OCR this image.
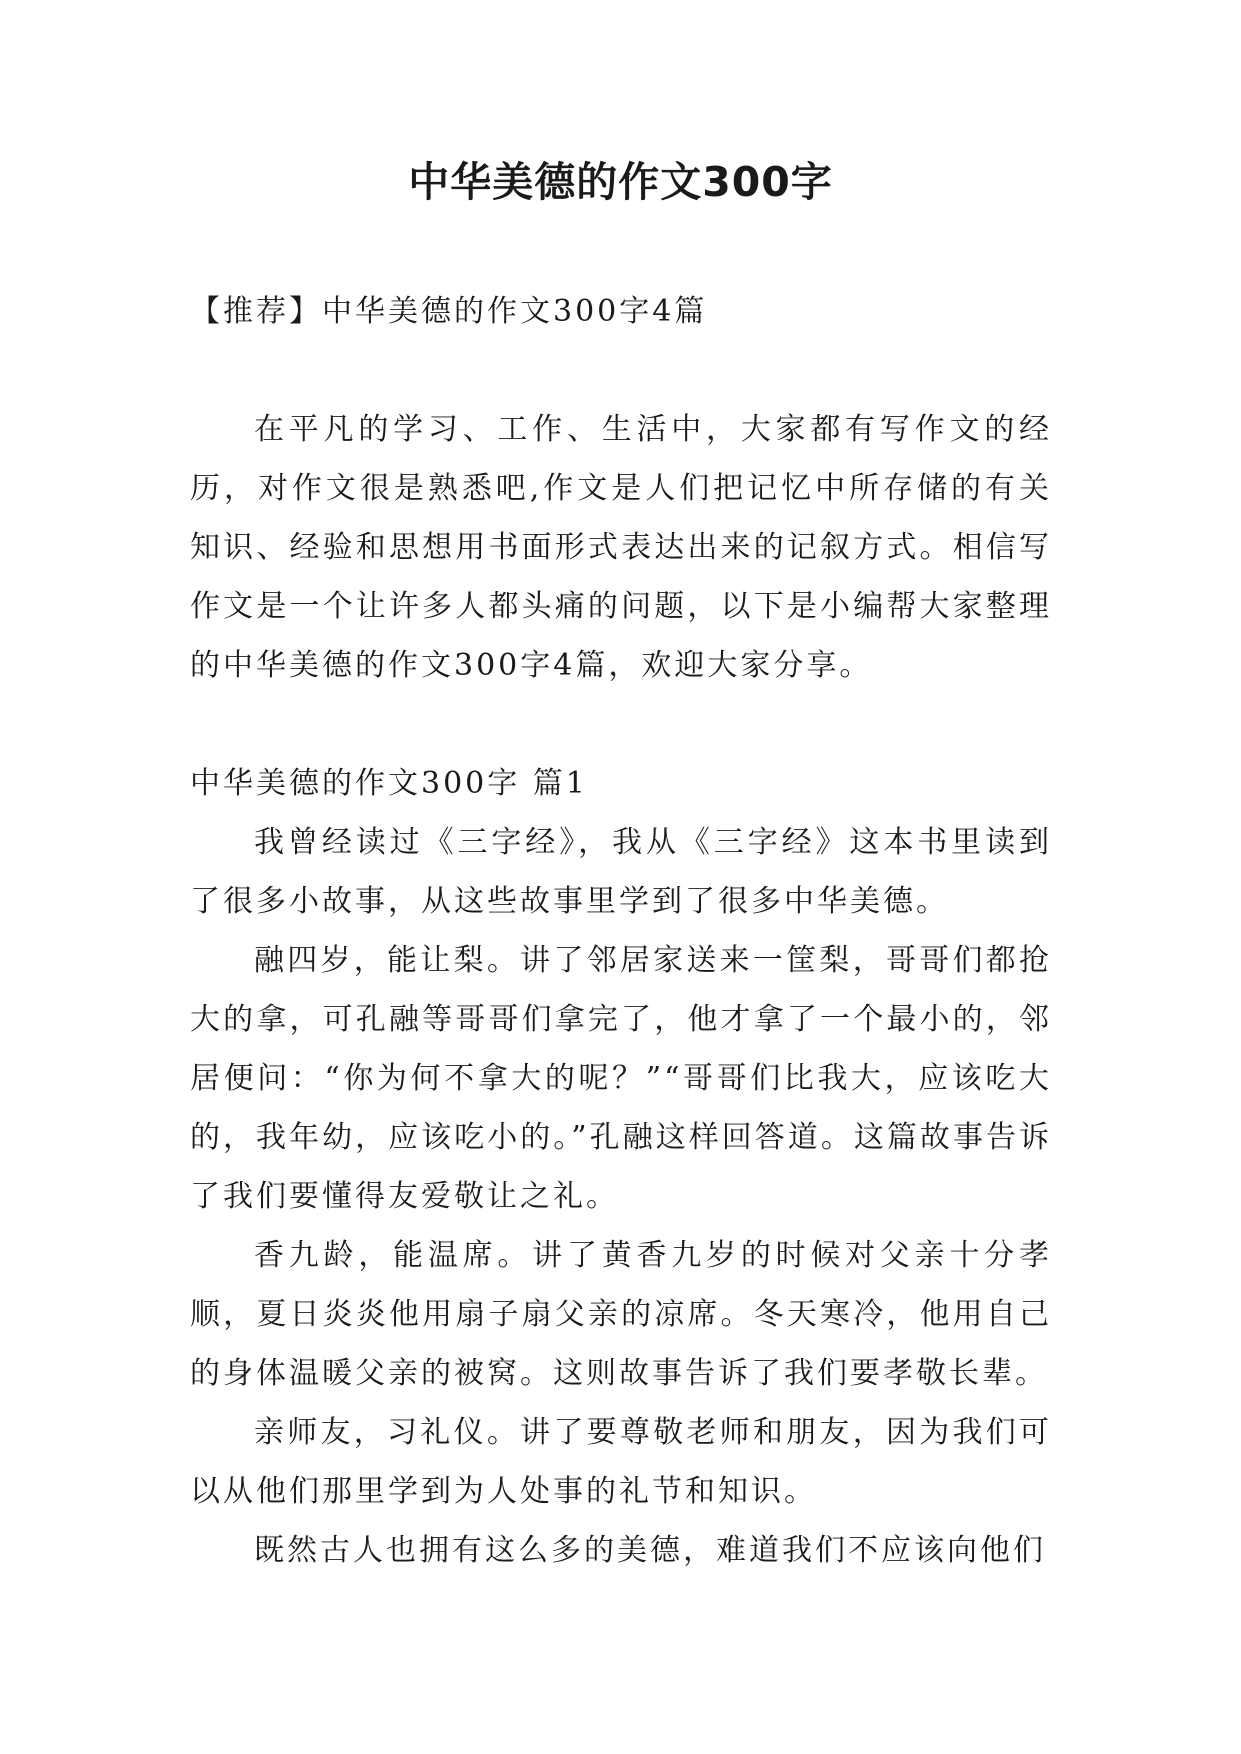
中华美德的作文300字

【推荐】中华美德的作文300字4篇

在平凡的学习、工作、生活中，大家都有写作文的经历，对作文很是熟悉吧,作文是人们把记忆中所存储的有关知识、经验和思想用书面形式表达出来的记叙方式。相信写作文是一个让许多人都头痛的问题，以下是小编帮大家整理的中华美德的作文300字4篇，欢迎大家分享。

中华美德的作文300字 篇1

我曾经读过《三字经》，我从《三字经》这本书里读到了很多小故事，从这些故事里学到了很多中华美德。

融四岁，能让梨。讲了邻居家送来一筐梨，哥哥们都抢大的拿，可孔融等哥哥们拿完了，他才拿了一个最小的，邻居便问：“你为何不拿大的呢？”“哥哥们比我大，应该吃大的，我年幼，应该吃小的。”孔融这样回答道。这篇故事告诉了我们要懂得友爱敬让之礼。

香九龄，能温席。讲了黄香九岁的时候对父亲十分孝顺，夏日炎炎他用扇子扇父亲的凉席。冬天寒冷，他用自己的身体温暖父亲的被窝。这则故事告诉了我们要孝敬长辈。

亲师友，习礼仪。讲了要尊敬老师和朋友，因为我们可以从他们那里学到为人处事的礼节和知识。

既然古人也拥有这么多的美德，难道我们不应该向他们
